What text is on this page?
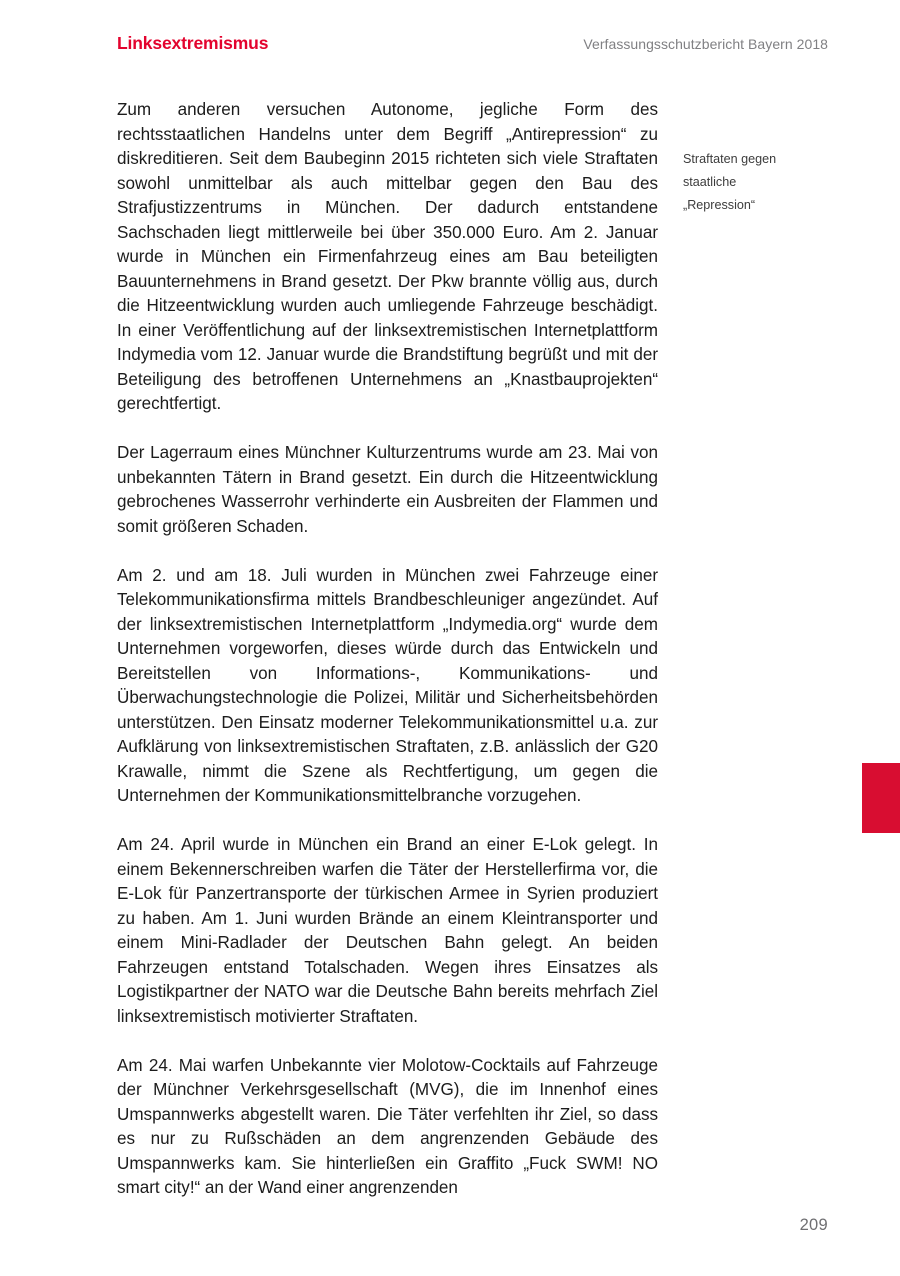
Linksextremismus	Verfassungsschutzbericht Bayern 2018

Zum anderen versuchen Autonome, jegliche Form des rechtsstaatlichen Handelns unter dem Begriff „Antirepression“ zu diskreditieren. Seit dem Baubeginn 2015 richteten sich viele Straftaten sowohl unmittelbar als auch mittelbar gegen den Bau des Strafjustizzentrums in München. Der dadurch entstandene Sachschaden liegt mittlerweile bei über 350.000 Euro. Am 2. Januar wurde in München ein Firmenfahrzeug eines am Bau beteiligten Bauunternehmens in Brand gesetzt. Der Pkw brannte völlig aus, durch die Hitzeentwicklung wurden auch umliegende Fahrzeuge beschädigt. In einer Veröffentlichung auf der linksextremistischen Internetplattform Indymedia vom 12. Januar wurde die Brandstiftung begrüßt und mit der Beteiligung des betroffenen Unternehmens an „Knastbauprojekten“ gerechtfertigt.

Der Lagerraum eines Münchner Kulturzentrums wurde am 23. Mai von unbekannten Tätern in Brand gesetzt. Ein durch die Hitzeentwicklung gebrochenes Wasserrohr verhinderte ein Ausbreiten der Flammen und somit größeren Schaden.

Am 2. und am 18. Juli wurden in München zwei Fahrzeuge einer Telekommunikationsfirma mittels Brandbeschleuniger angezündet. Auf der linksextremistischen Internetplattform „Indymedia.org“ wurde dem Unternehmen vorgeworfen, dieses würde durch das Entwickeln und Bereitstellen von Informations-, Kommunikations- und Überwachungstechnologie die Polizei, Militär und Sicherheitsbehörden unterstützen. Den Einsatz moderner Telekommunikationsmittel u.a. zur Aufklärung von linksextremistischen Straftaten, z.B. anlässlich der G20 Krawalle, nimmt die Szene als Rechtfertigung, um gegen die Unternehmen der Kommunikationsmittelbranche vorzugehen.

Am 24. April wurde in München ein Brand an einer E-Lok gelegt. In einem Bekennerschreiben warfen die Täter der Herstellerfirma vor, die E-Lok für Panzertransporte der türkischen Armee in Syrien produziert zu haben. Am 1. Juni wurden Brände an einem Kleintransporter und einem Mini-Radlader der Deutschen Bahn gelegt. An beiden Fahrzeugen entstand Totalschaden. Wegen ihres Einsatzes als Logistikpartner der NATO war die Deutsche Bahn bereits mehrfach Ziel linksextremistisch motivierter Straftaten.

Am 24. Mai warfen Unbekannte vier Molotow-Cocktails auf Fahrzeuge der Münchner Verkehrsgesellschaft (MVG), die im Innenhof eines Umspannwerks abgestellt waren. Die Täter verfehlten ihr Ziel, so dass es nur zu Rußschäden an dem angrenzenden Gebäude des Umspannwerks kam. Sie hinterließen ein Graffito „Fuck SWM! NO smart city!“ an der Wand einer angrenzenden

Straftaten gegen
staatliche
„Repression“
209
